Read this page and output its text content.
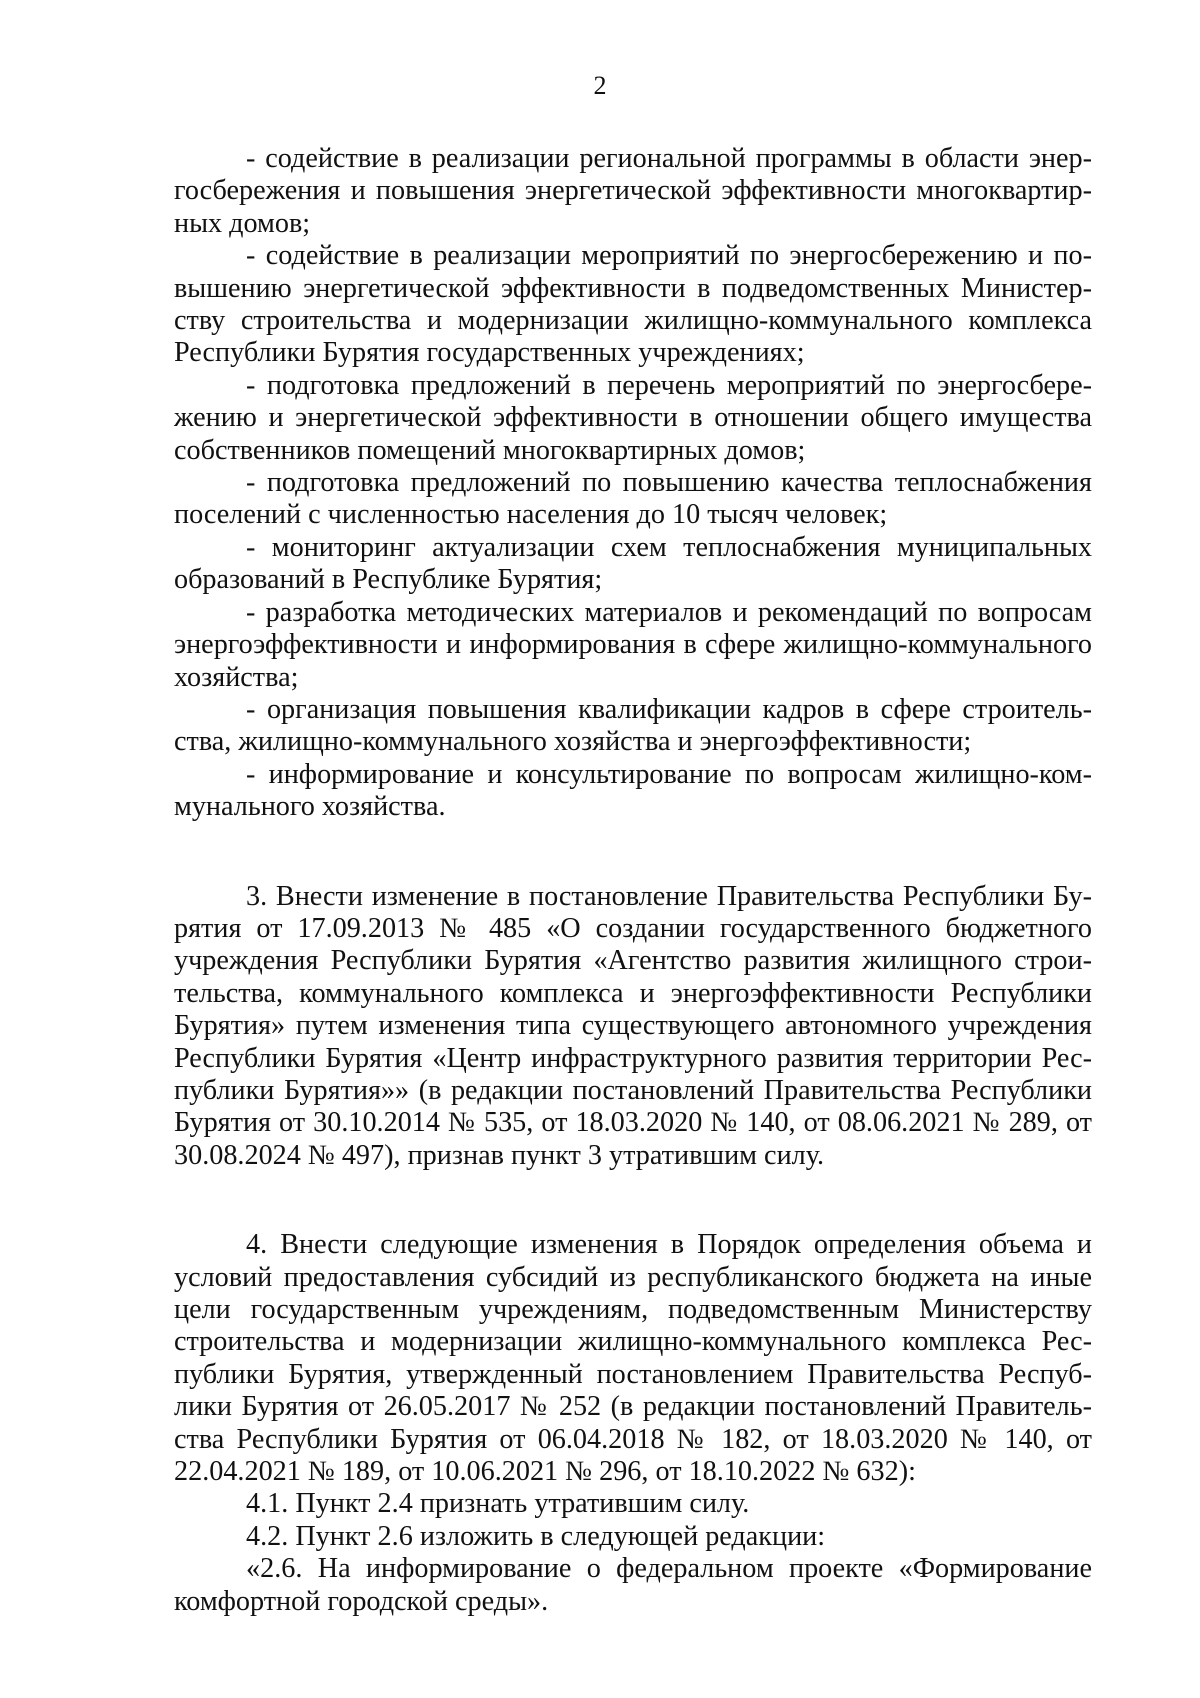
2

- содействие в реализации региональной программы в области энергосбережения и повышения энергетической эффективности многоквартирных домов;

- содействие в реализации мероприятий по энергосбережению и повышению энергетической эффективности в подведомственных Министерству строительства и модернизации жилищно-коммунального комплекса Республики Бурятия государственных учреждениях;

- подготовка предложений в перечень мероприятий по энергосбережению и энергетической эффективности в отношении общего имущества собственников помещений многоквартирных домов;

- подготовка предложений по повышению качества теплоснабжения поселений с численностью населения до 10 тысяч человек;

- мониторинг актуализации схем теплоснабжения муниципальных образований в Республике Бурятия;

- разработка методических материалов и рекомендаций по вопросам энергоэффективности и информирования в сфере жилищно-коммунального хозяйства;

- организация повышения квалификации кадров в сфере строительства, жилищно-коммунального хозяйства и энергоэффективности;

- информирование и консультирование по вопросам жилищно-коммунального хозяйства.

3. Внести изменение в постановление Правительства Республики Бурятия от 17.09.2013 № 485 «О создании государственного бюджетного учреждения Республики Бурятия «Агентство развития жилищного строительства, коммунального комплекса и энергоэффективности Республики Бурятия» путем изменения типа существующего автономного учреждения Республики Бурятия «Центр инфраструктурного развития территории Республики Бурятия»» (в редакции постановлений Правительства Республики Бурятия от 30.10.2014 № 535, от 18.03.2020 № 140, от 08.06.2021 № 289, от 30.08.2024 № 497), признав пункт 3 утратившим силу.

4. Внести следующие изменения в Порядок определения объема и условий предоставления субсидий из республиканского бюджета на иные цели государственным учреждениям, подведомственным Министерству строительства и модернизации жилищно-коммунального комплекса Республики Бурятия, утвержденный постановлением Правительства Республики Бурятия от 26.05.2017 № 252 (в редакции постановлений Правительства Республики Бурятия от 06.04.2018 № 182, от 18.03.2020 № 140, от 22.04.2021 № 189, от 10.06.2021 № 296, от 18.10.2022 № 632):

4.1. Пункт 2.4 признать утратившим силу.

4.2. Пункт 2.6 изложить в следующей редакции:

«2.6. На информирование о федеральном проекте «Формирование комфортной городской среды».
